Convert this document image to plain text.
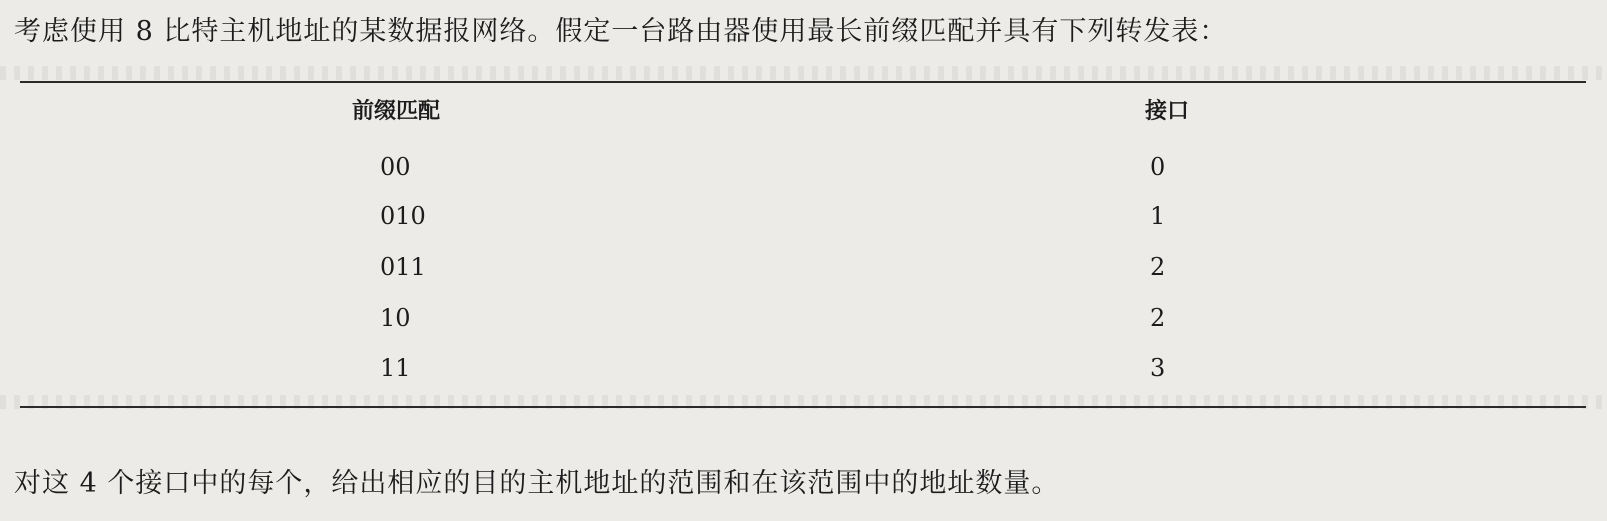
考虑使用 8 比特主机地址的某数据报网络。假定一台路由器使用最长前缀匹配并具有下列转发表：
前缀匹配	接口
00	0
010	1
011	2
10	2
11	3
对这 4 个接口中的每个，给出相应的目的主机地址的范围和在该范围中的地址数量。
